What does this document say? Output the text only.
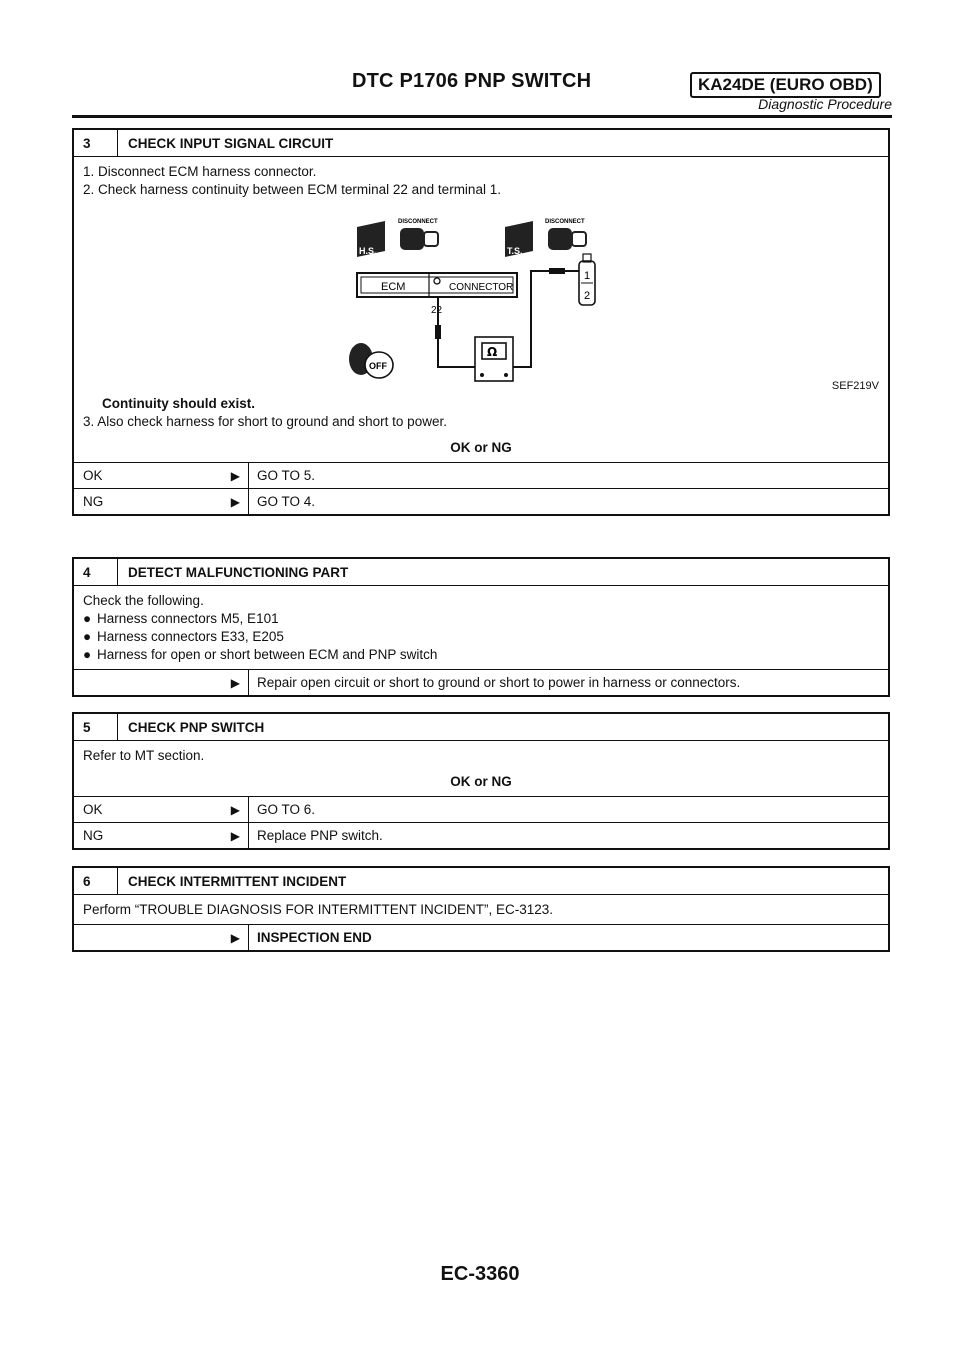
DTC P1706 PNP SWITCH	KA24DE (EURO OBD)
Diagnostic Procedure
3	CHECK INPUT SIGNAL CIRCUIT
1. Disconnect ECM harness connector.
2. Check harness continuity between ECM terminal 22 and terminal 1.
H.S.
DISCONNECT
T.S.
DISCONNECT
ECM	CONNECTOR
22
Ω
1
2
OFF
SEF219V
Continuity should exist.
3. Also check harness for short to ground and short to power.
OK or NG
OK	▶	GO TO 5.
NG	▶	GO TO 4.
4	DETECT MALFUNCTIONING PART
Check the following.
● Harness connectors M5, E101
● Harness connectors E33, E205
● Harness for open or short between ECM and PNP switch
▶	Repair open circuit or short to ground or short to power in harness or connectors.
5	CHECK PNP SWITCH
Refer to MT section.
OK or NG
OK	▶	GO TO 6.
NG	▶	Replace PNP switch.
6	CHECK INTERMITTENT INCIDENT
Perform “TROUBLE DIAGNOSIS FOR INTERMITTENT INCIDENT”, EC-3123.
▶	INSPECTION END
EC-3360
